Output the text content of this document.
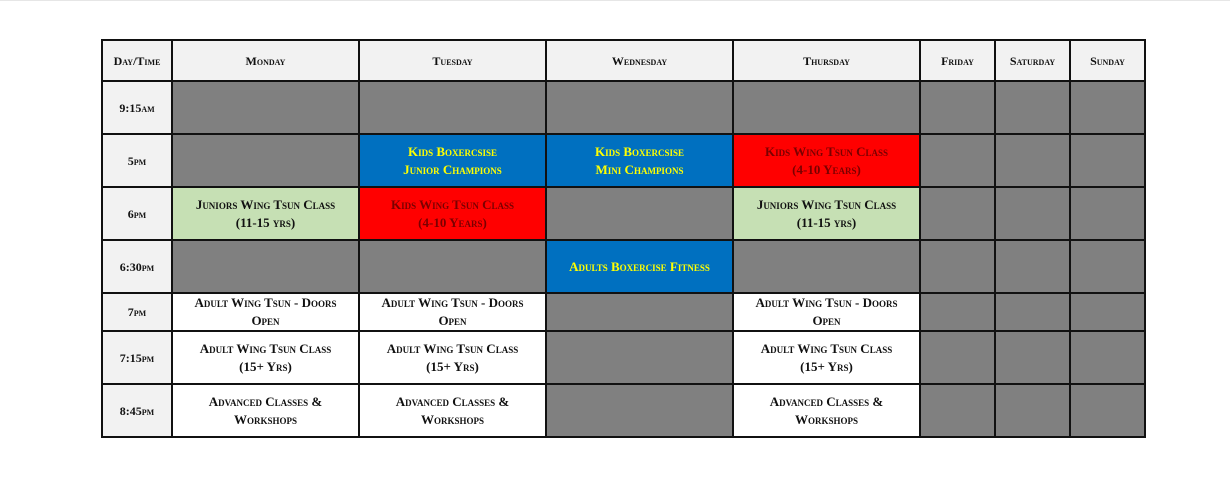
Day/Time	Monday	Tuesday	Wednesday	Thursday	Friday	Saturday	Sunday
9:15am							
5pm		Kids Boxercsise
Junior Champions	Kids Boxercsise
Mini Champions	Kids Wing Tsun Class
(4-10 Years)			

6pm	Juniors Wing Tsun Class
(11-15 yrs)	Kids Wing Tsun Class
(4-10 Years)		Juniors Wing Tsun Class
(11-15 yrs)			

6:30pm			Adults Boxercise Fitness				

7pm	Adult Wing Tsun - Doors
Open	Adult Wing Tsun - Doors
Open		Adult Wing Tsun - Doors
Open			

7:15pm	Adult Wing Tsun Class
(15+ Yrs)	Adult Wing Tsun Class
(15+ Yrs)		Adult Wing Tsun Class
(15+ Yrs)			

8:45pm	Advanced Classes &
Workshops	Advanced Classes &
Workshops		Advanced Classes &
Workshops			
